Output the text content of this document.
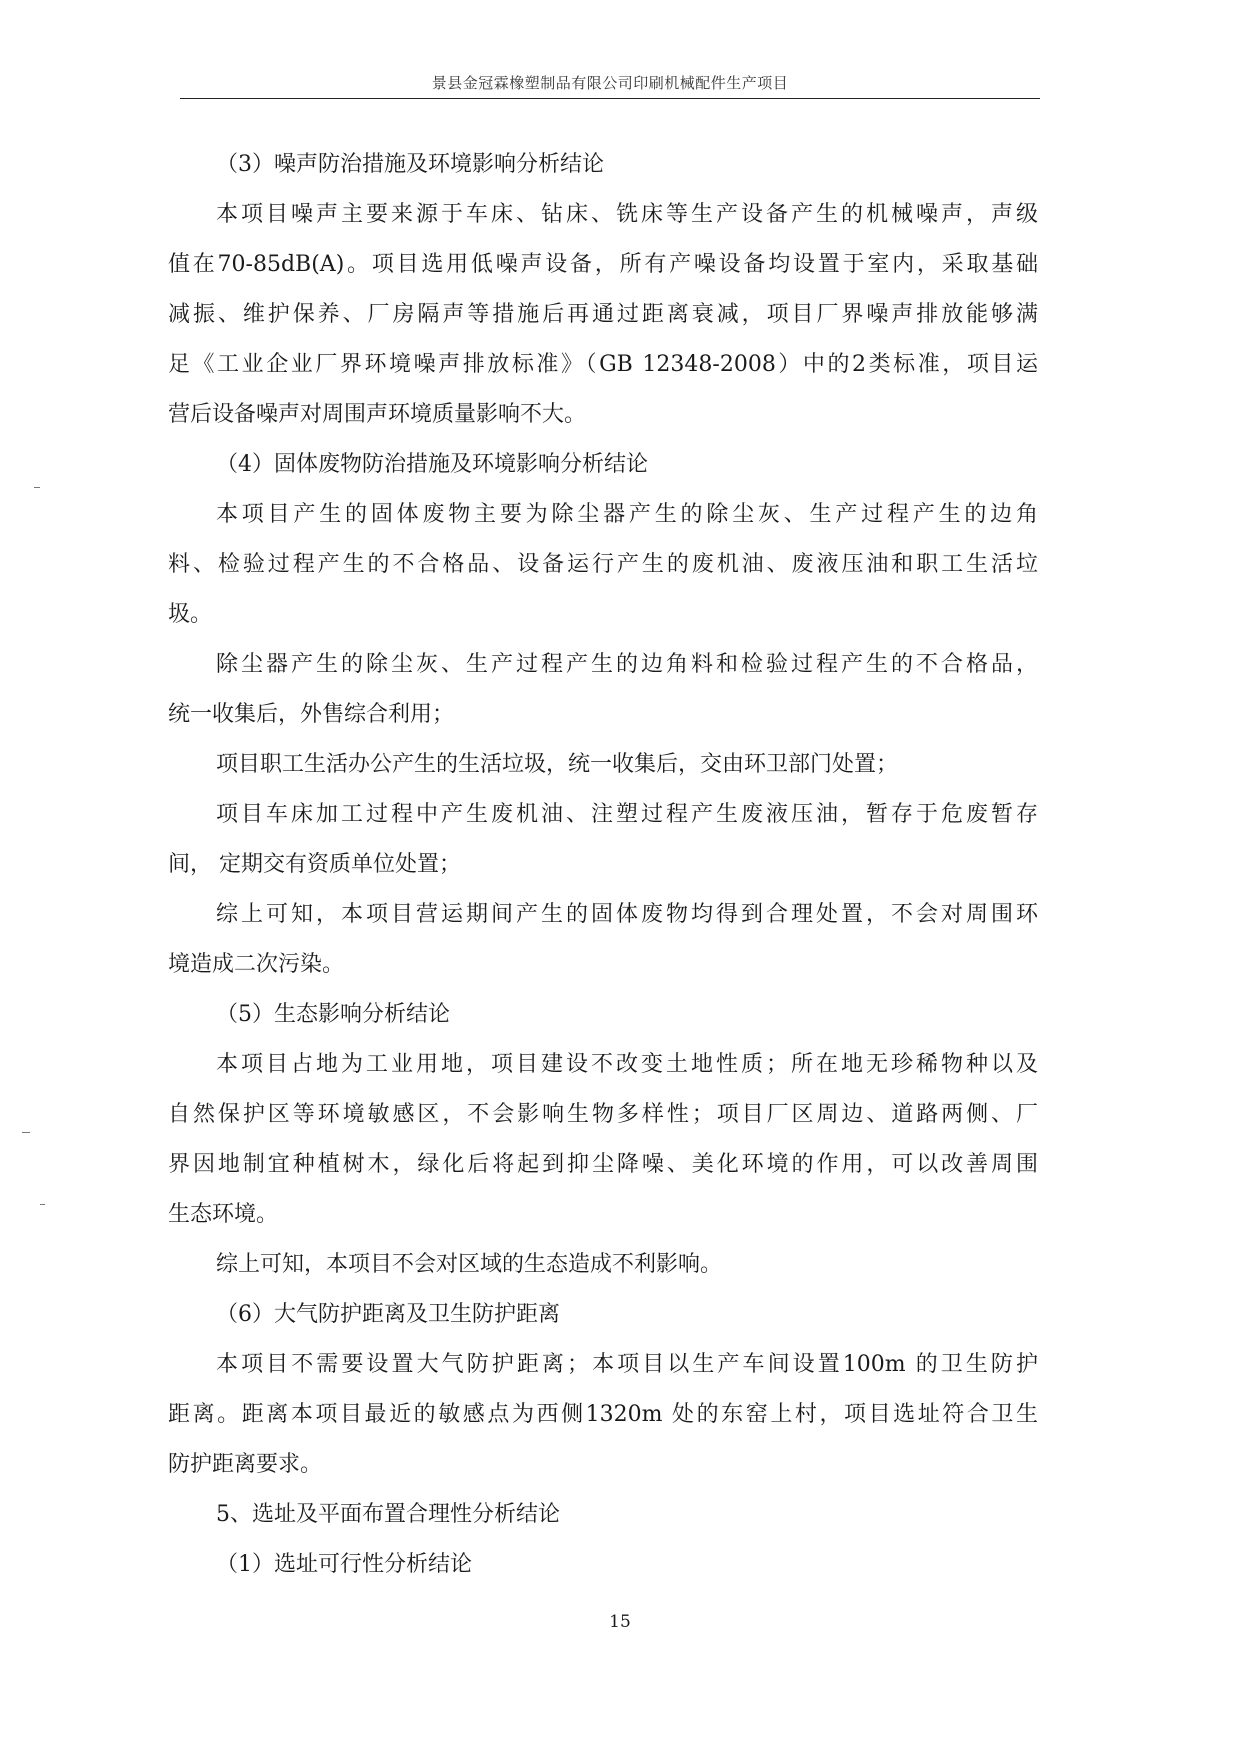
景县金冠霖橡塑制品有限公司印刷机械配件生产项目
（3）噪声防治措施及环境影响分析结论
本项目噪声主要来源于车床、钻床、铣床等生产设备产生的机械噪声，声级
值在70-85dB(A)。项目选用低噪声设备，所有产噪设备均设置于室内，采取基础
减振、维护保养、厂房隔声等措施后再通过距离衰减，项目厂界噪声排放能够满
足《工业企业厂界环境噪声排放标准》（GB 12348-2008）中的2类标准，项目运
营后设备噪声对周围声环境质量影响不大。
（4）固体废物防治措施及环境影响分析结论
本项目产生的固体废物主要为除尘器产生的除尘灰、生产过程产生的边角
料、检验过程产生的不合格品、设备运行产生的废机油、废液压油和职工生活垃
圾。
除尘器产生的除尘灰、生产过程产生的边角料和检验过程产生的不合格品，
统一收集后，外售综合利用；
项目职工生活办公产生的生活垃圾，统一收集后，交由环卫部门处置；
项目车床加工过程中产生废机油、注塑过程产生废液压油，暂存于危废暂存
间， 定期交有资质单位处置；
综上可知，本项目营运期间产生的固体废物均得到合理处置，不会对周围环
境造成二次污染。
（5）生态影响分析结论
本项目占地为工业用地，项目建设不改变土地性质；所在地无珍稀物种以及
自然保护区等环境敏感区，不会影响生物多样性；项目厂区周边、道路两侧、厂
界因地制宜种植树木，绿化后将起到抑尘降噪、美化环境的作用，可以改善周围
生态环境。
综上可知，本项目不会对区域的生态造成不利影响。
（6）大气防护距离及卫生防护距离
本项目不需要设置大气防护距离；本项目以生产车间设置100m 的卫生防护
距离。距离本项目最近的敏感点为西侧1320m 处的东窑上村，项目选址符合卫生
防护距离要求。
5、选址及平面布置合理性分析结论
（1）选址可行性分析结论
15
